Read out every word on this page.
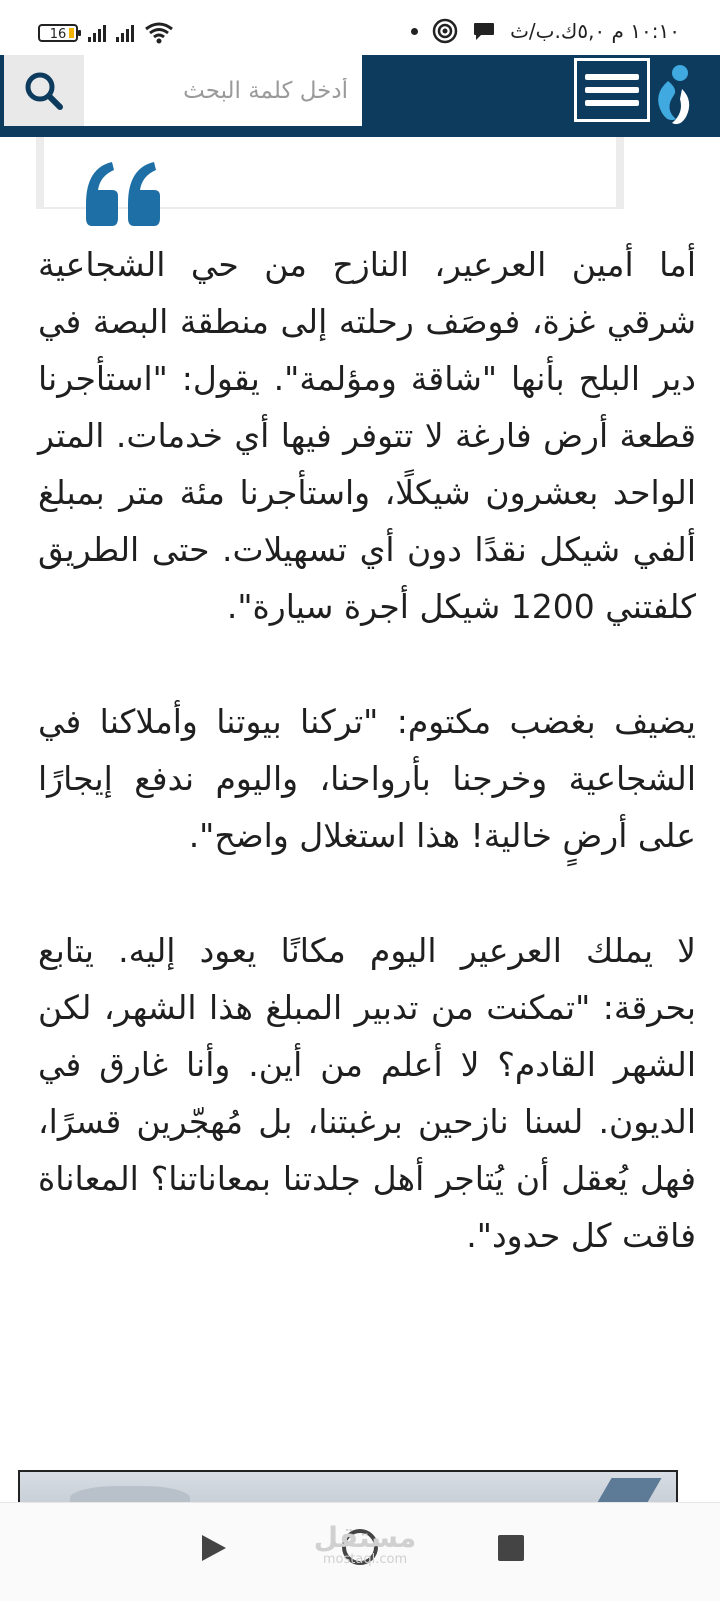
16	١٠:١٠ م ٥,٠ك.ب/ث
أدخل كلمة البحث

أما أمين العرعير، النازح من حي الشجاعية شرقي غزة، فوصَف رحلته إلى منطقة البصة في دير البلح بأنها "شاقة ومؤلمة". يقول: "استأجرنا قطعة أرض فارغة لا تتوفر فيها أي خدمات. المتر الواحد بعشرون شيكلًا، واستأجرنا مئة متر بمبلغ ألفي شيكل نقدًا دون أي تسهيلات. حتى الطريق كلفتني 1200 شيكل أجرة سيارة".

يضيف بغضب مكتوم: "تركنا بيوتنا وأملاكنا في الشجاعية وخرجنا بأرواحنا، واليوم ندفع إيجارًا على أرضٍ خالية! هذا استغلال واضح".

لا يملك العرعير اليوم مكانًا يعود إليه. يتابع بحرقة: "تمكنت من تدبير المبلغ هذا الشهر، لكن الشهر القادم؟ لا أعلم من أين. وأنا غارق في الديون. لسنا نازحين برغبتنا، بل مُهجّرين قسرًا، فهل يُعقل أن يُتاجر أهل جلدتنا بمعاناتنا؟ المعاناة فاقت كل حدود".

مستقل
mostaql.com
